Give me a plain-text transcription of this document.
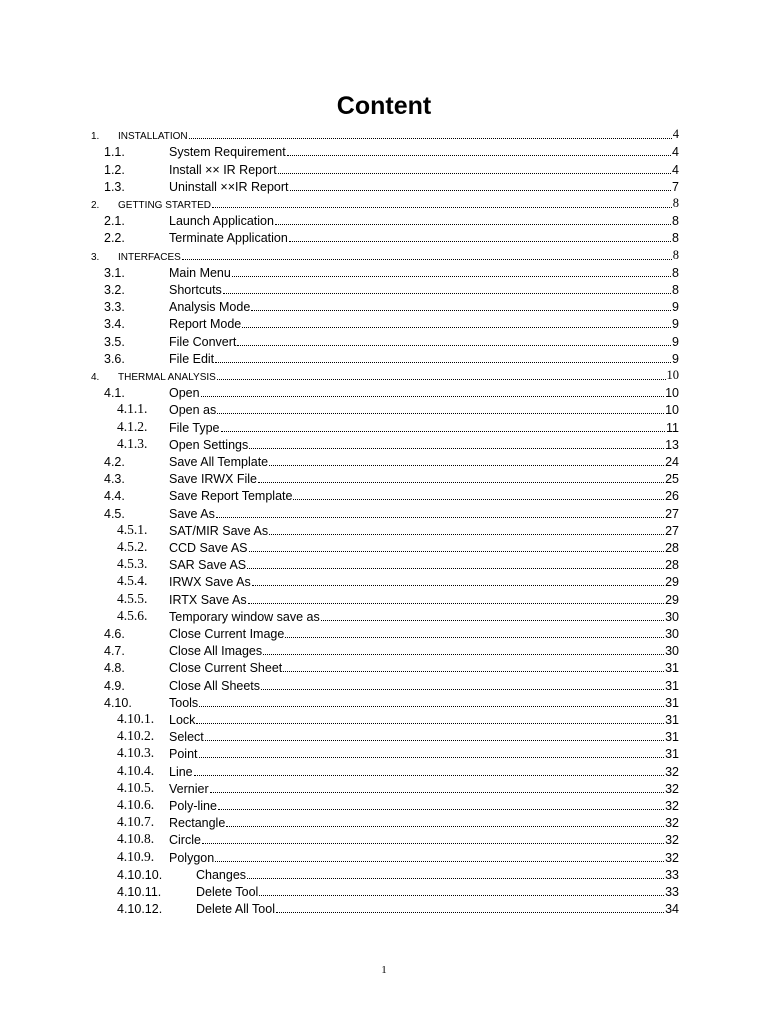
Content
1. INSTALLATION	4
1.1.	System Requirement	4
1.2.	Install ×× IR Report	4
1.3.	Uninstall ××IR Report	7
2. GETTING STARTED	8
2.1.	Launch Application	8
2.2.	Terminate Application	8
3. INTERFACES	8
3.1.	Main Menu	8
3.2.	Shortcuts	8
3.3.	Analysis Mode	9
3.4.	Report Mode	9
3.5.	File Convert	9
3.6.	File Edit	9
4. THERMAL ANALYSIS	10
4.1.	Open	10
4.1.1. Open as	10
4.1.2. File Type	11
4.1.3. Open Settings	13
4.2.	Save All Template	24
4.3.	Save IRWX File	25
4.4.	Save Report Template	26
4.5.	Save As	27
4.5.1. SAT/MIR Save As	27
4.5.2. CCD Save AS	28
4.5.3. SAR Save AS	28
4.5.4. IRWX Save As	29
4.5.5. IRTX Save As	29
4.5.6. Temporary window save as	30
4.6.	Close Current Image	30
4.7.	Close All Images	30
4.8.	Close Current Sheet	31
4.9.	Close All Sheets	31
4.10.	Tools	31
4.10.1. Lock	31
4.10.2. Select	31
4.10.3. Point	31
4.10.4. Line	32
4.10.5. Vernier	32
4.10.6. Poly-line	32
4.10.7. Rectangle	32
4.10.8. Circle	32
4.10.9. Polygon	32
4.10.10.	Changes	33
4.10.11.	Delete Tool	33
4.10.12.	Delete All Tool	34
1
